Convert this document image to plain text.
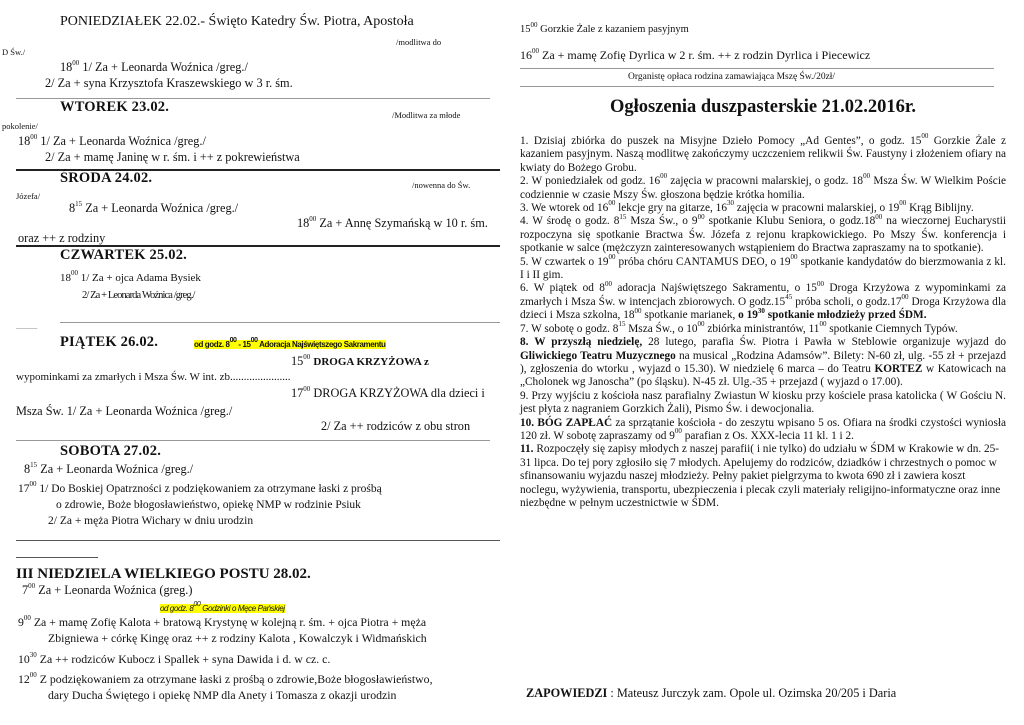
PONIEDZIAŁEK 22.02.- Święto Katedry Św. Piotra, Apostoła
/modlitwa do
D Św./
$18^{00}$ 1/ Za + Leonarda Woźnica /greg./
2/ Za + syna Krzysztofa Kraszewskiego w 3 r. śm.
WTOREK 23.02.	/Modlitwa za młode
pokolenie/
$18^{00}$ 1/ Za + Leonarda Woźnica /greg./
2/ Za + mamę Janinę w r. śm. i ++ z pokrewieństwa
ŚRODA 24.02.	/nowenna do Św.
Józefa/
$8^{15}$ Za + Leonarda Woźnica /greg./
$18^{00}$ Za + Annę Szymańską w 10 r. śm.
oraz ++ z rodziny
CZWARTEK 25.02.
$18^{00}$ 1/ Za + ojca Adama Bysiek
2/ Za + Leonarda Woźnica /greg./
_____
PIĄTEK 26.02.	od godz. $8^{00} - 15^{00}$ Adoracja Najświętszego Sakramentu
$15^{00}$ DROGA KRZYŻOWA z
wypominkami za zmarłych i Msza Św. W int. zb......................
$17^{00}$ DROGA KRZYŻOWA dla dzieci i
Msza Św. 1/ Za + Leonarda Woźnica /greg./
2/ Za ++ rodziców z obu stron
SOBOTA 27.02.
$8^{15}$ Za + Leonarda Woźnica /greg./
$17^{00}$ 1/ Do Boskiej Opatrzności z podziękowaniem za otrzymane łaski z prośbą
o zdrowie, Boże błogosławieństwo, opiekę NMP w rodzinie Psiuk
2/ Za + męża Piotra Wichary w dniu urodzin
III NIEDZIELA WIELKIEGO POSTU 28.02.
$7^{00}$ Za + Leonarda Woźnica (greg.)
od godz. $8^{00}$ Godzinki o Męce Pańskiej
$9^{00}$ Za + mamę Zofię Kalota + bratową Krystynę w kolejną r. śm. + ojca Piotra + męża
Zbigniewa + córkę Kingę oraz ++ z rodziny Kalota , Kowalczyk i Widmańskich
$10^{30}$ Za ++ rodziców Kubocz i Spallek + syna Dawida i d. w cz. c.
$12^{00}$ Z podziękowaniem za otrzymane łaski z prośbą o zdrowie,Boże błogosławieństwo,
dary Ducha Świętego i opiekę NMP dla Anety i Tomasza z okazji urodzin
$15^{00}$ Gorzkie Żale z kazaniem pasyjnym
$16^{00}$ Za + mamę Zofię Dyrlica w 2 r. śm. ++ z rodzin Dyrlica i Piecewicz
Organistę opłaca rodzina zamawiająca Mszę Św./20zł/
Ogłoszenia duszpasterskie 21.02.2016r.

1. Dzisiaj zbiórka do puszek na Misyjne Dzieło Pomocy „Ad Gentes”, o godz. $15^{00}$ Gorzkie Żale z kazaniem pasyjnym. Naszą modlitwę zakończymy uczczeniem relikwii Św. Faustyny i złożeniem ofiary na kwiaty do Bożego Grobu.

2. W poniedziałek od godz. $16^{00}$ zajęcia w pracowni malarskiej, o godz. $18^{00}$ Msza Św. W Wielkim Poście codziennie w czasie Mszy Św. głoszona będzie krótka homilia.

3. We wtorek od $16^{00}$ lekcje gry na gitarze, $16^{30}$ zajęcia w pracowni malarskiej, o $19^{00}$ Krąg Biblijny.

4. W środę o godz. $8^{15}$ Msza Św., o $9^{00}$ spotkanie Klubu Seniora, o $godz.18^{00}$ na wieczornej Eucharystii rozpoczyna się spotkanie Bractwa Św. Józefa z rejonu krapkowickiego. Po Mszy Św. konferencja i spotkanie w salce (mężczyzn zainteresowanych wstąpieniem do Bractwa zapraszamy na to spotkanie).

5. W czwartek o $19^{00}$ próba chóru CANTAMUS DEO, o $19^{00}$ spotkanie kandydatów do bierzmowania z kl. I i II gim.

6. W piątek od $8^{00}$ adoracja Najświętszego Sakramentu, o $15^{00}$ Droga Krzyżowa z wypominkami za zmarłych i Msza Św. w intencjach zbiorowych. O $godz.15^{45}$ próba scholi, o $godz.17^{00}$ Droga Krzyżowa dla dzieci i Msza szkolna, $18^{00}$ spotkanie marianek, o $19^{30}$ spotkanie młodzieży przed ŚDM.

7. W sobotę o godz. $8^{15}$ Msza Św., o $10^{00}$ zbiórka ministrantów, $11^{00}$ spotkanie Ciemnych Typów.

8. W przyszłą niedzielę, 28 lutego, parafia Św. Piotra i Pawła w Steblowie organizuje wyjazd do Gliwickiego Teatru Muzycznego na musical „Rodzina Adamsów”. Bilety: N-60 zł, ulg. -55 zł + przejazd ), zgłoszenia do wtorku , wyjazd o 15.30). W niedzielę 6 marca – do Teatru KORTEZ w Katowicach na „Cholonek wg Janoscha” (po śląsku). N-45 zł. Ulg.-35 + przejazd ( wyjazd o 17.00).

9. Przy wyjściu z kościoła nasz parafialny Zwiastun W kiosku przy kościele prasa katolicka ( W Gościu N. jest płyta z nagraniem Gorzkich Żali), Pismo Św. i dewocjonalia.

10. BÓG ZAPŁAĆ za sprzątanie kościoła - do zeszytu wpisano 5 os. Ofiara na środki czystości wyniosła 120 zł. W sobotę zapraszamy od $9^{00}$ parafian z Os. XXX-lecia 11 kl. 1 i 2.

11. Rozpoczęły się zapisy młodych z naszej parafii( i nie tylko) do udziału w ŚDM w Krakowie w dn. 25-31 lipca. Do tej pory zgłosiło się 7 młodych. Apelujemy do rodziców, dziadków i chrzestnych o pomoc w sfinansowaniu wyjazdu naszej młodzieży. Pełny pakiet pielgrzyma to kwota 690 zł i zawiera koszt noclegu, wyżywienia, transportu, ubezpieczenia i plecak czyli materiały religijno-informatyczne oraz inne niezbędne w pełnym uczestnictwie w ŚDM.

ZAPOWIEDZI : Mateusz Jurczyk zam. Opole ul. Ozimska 20/205 i Daria
